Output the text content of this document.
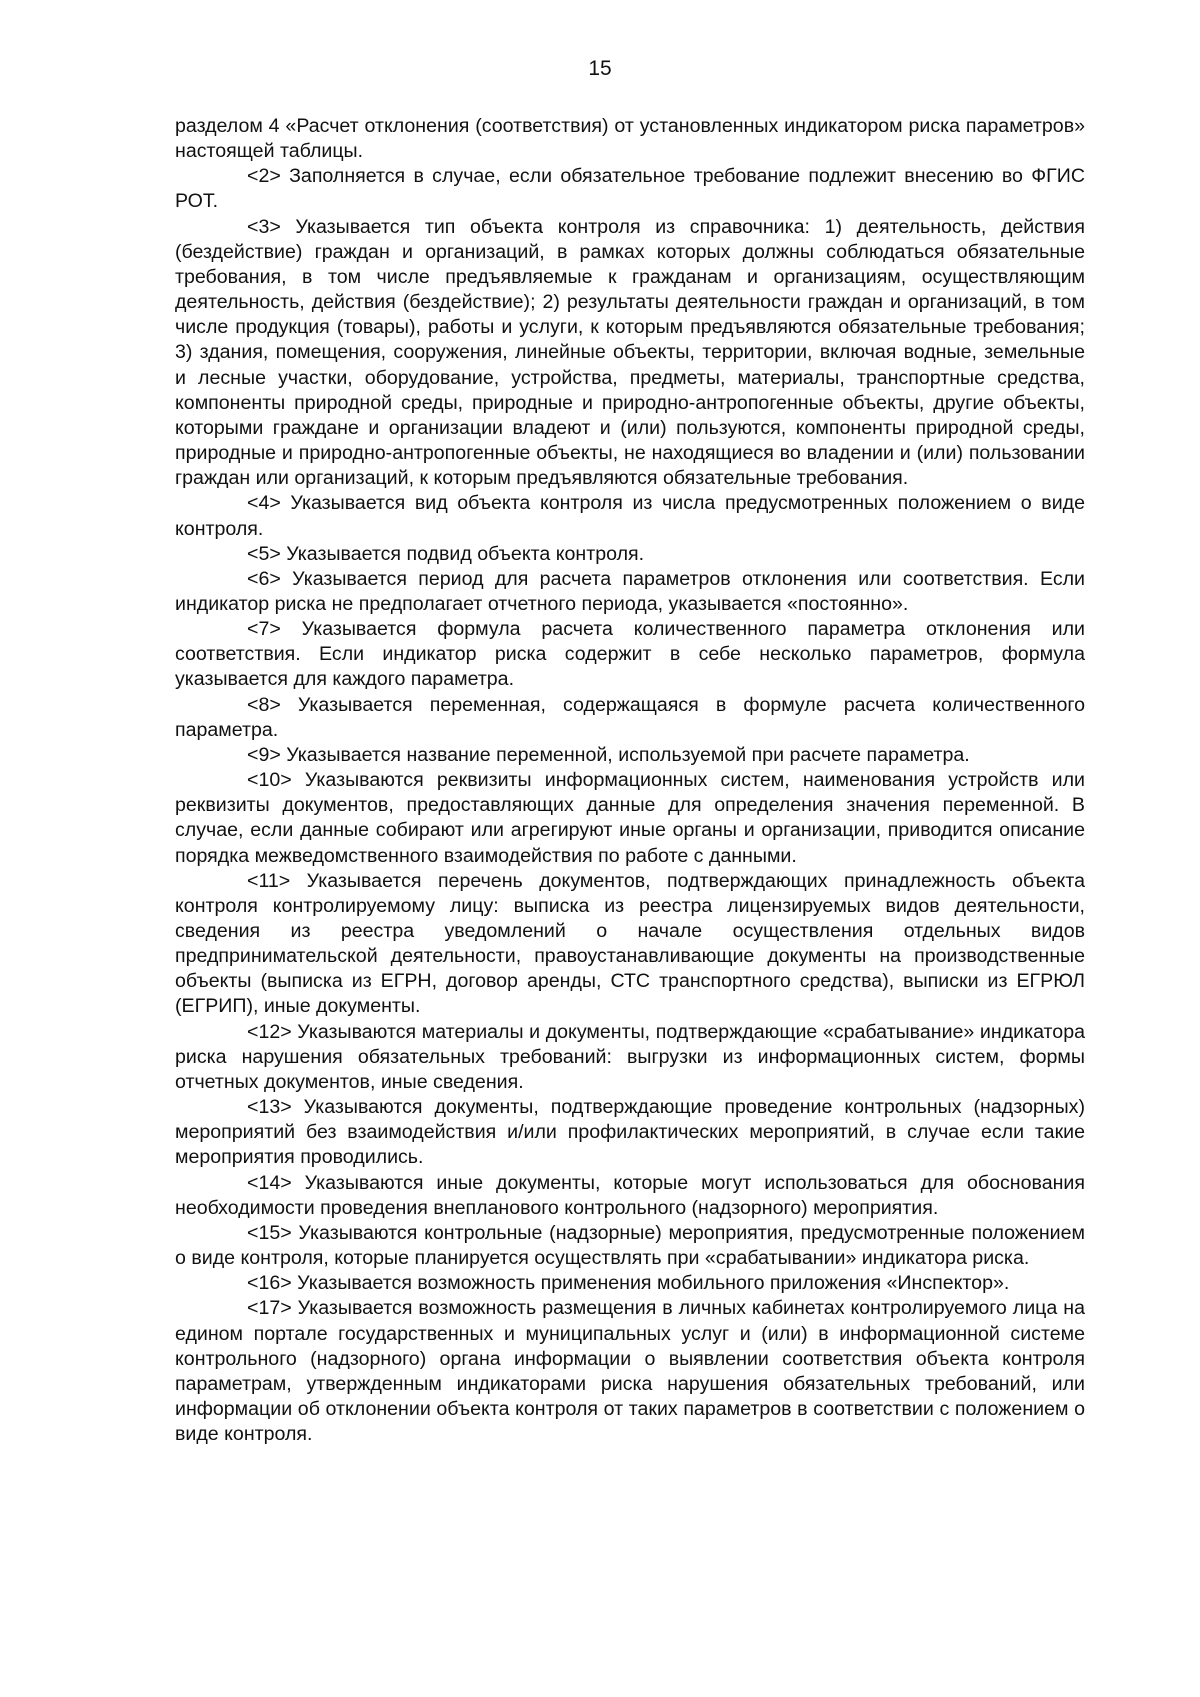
15

разделом 4 «Расчет отклонения (соответствия) от установленных индикатором риска параметров» настоящей таблицы.

<2> Заполняется в случае, если обязательное требование подлежит внесению во ФГИС РОТ.

<3> Указывается тип объекта контроля из справочника: 1) деятельность, действия (бездействие) граждан и организаций, в рамках которых должны соблюдаться обязательные требования, в том числе предъявляемые к гражданам и организациям, осуществляющим деятельность, действия (бездействие); 2) результаты деятельности граждан и организаций, в том числе продукция (товары), работы и услуги, к которым предъявляются обязательные требования; 3) здания, помещения, сооружения, линейные объекты, территории, включая водные, земельные и лесные участки, оборудование, устройства, предметы, материалы, транспортные средства, компоненты природной среды, природные и природно-антропогенные объекты, другие объекты, которыми граждане и организации владеют и (или) пользуются, компоненты природной среды, природные и природно-антропогенные объекты, не находящиеся во владении и (или) пользовании граждан или организаций, к которым предъявляются обязательные требования.

<4> Указывается вид объекта контроля из числа предусмотренных положением о виде контроля.

<5> Указывается подвид объекта контроля.

<6> Указывается период для расчета параметров отклонения или соответствия. Если индикатор риска не предполагает отчетного периода, указывается «постоянно».

<7> Указывается формула расчета количественного параметра отклонения или соответствия. Если индикатор риска содержит в себе несколько параметров, формула указывается для каждого параметра.

<8> Указывается переменная, содержащаяся в формуле расчета количественного параметра.

<9> Указывается название переменной, используемой при расчете параметра.

<10> Указываются реквизиты информационных систем, наименования устройств или реквизиты документов, предоставляющих данные для определения значения переменной. В случае, если данные собирают или агрегируют иные органы и организации, приводится описание порядка межведомственного взаимодействия по работе с данными.

<11> Указывается перечень документов, подтверждающих принадлежность объекта контроля контролируемому лицу: выписка из реестра лицензируемых видов деятельности, сведения из реестра уведомлений о начале осуществления отдельных видов предпринимательской деятельности, правоустанавливающие документы на производственные объекты (выписка из ЕГРН, договор аренды, СТС транспортного средства), выписки из ЕГРЮЛ (ЕГРИП), иные документы.

<12> Указываются материалы и документы, подтверждающие «срабатывание» индикатора риска нарушения обязательных требований: выгрузки из информационных систем, формы отчетных документов, иные сведения.

<13> Указываются документы, подтверждающие проведение контрольных (надзорных) мероприятий без взаимодействия и/или профилактических мероприятий, в случае если такие мероприятия проводились.

<14> Указываются иные документы, которые могут использоваться для обоснования необходимости проведения внепланового контрольного (надзорного) мероприятия.

<15> Указываются контрольные (надзорные) мероприятия, предусмотренные положением о виде контроля, которые планируется осуществлять при «срабатывании» индикатора риска.

<16> Указывается возможность применения мобильного приложения «Инспектор».

<17> Указывается возможность размещения в личных кабинетах контролируемого лица на едином портале государственных и муниципальных услуг и (или) в информационной системе контрольного (надзорного) органа информации о выявлении соответствия объекта контроля параметрам, утвержденным индикаторами риска нарушения обязательных требований, или информации об отклонении объекта контроля от таких параметров в соответствии с положением о виде контроля.
